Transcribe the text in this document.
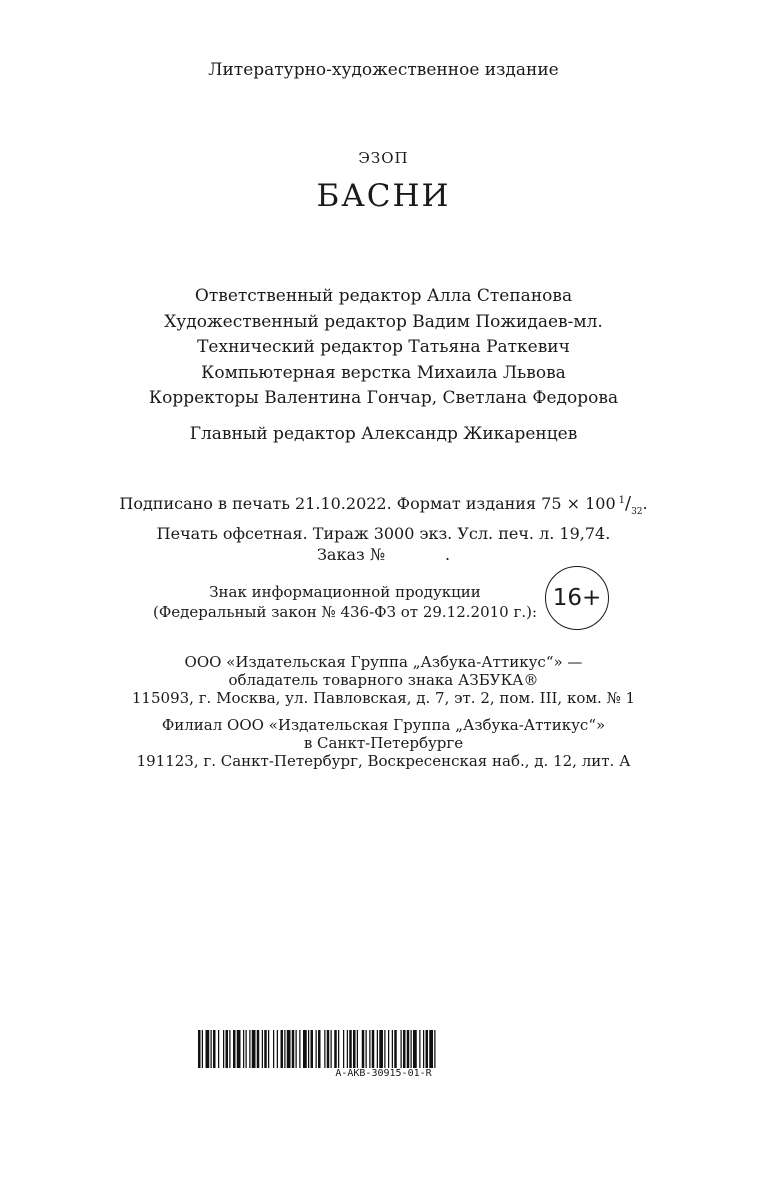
Литературно-художественное издание
ЭЗОП
БАСНИ
Ответственный редактор Алла Степанова
Художественный редактор Вадим Пожидаев-мл.
Технический редактор Татьяна Раткевич
Компьютерная верстка Михаила Львова
Корректоры Валентина Гончар, Светлана Федорова
Главный редактор Александр Жикаренцев
Подписано в печать 21.10.2022. Формат издания 75 × 100 $^1/_{32}$.
Печать офсетная. Тираж 3000 экз. Усл. печ. л. 19,74.
Заказ №	.
Знак информационной продукции
(Федеральный закон № 436-ФЗ от 29.12.2010 г.):
16+
ООО «Издательская Группа „Азбука-Аттикус“» —
обладатель товарного знака АЗБУКА®
115093, г. Москва, ул. Павловская, д. 7, эт. 2, пом. III, ком. № 1
Филиал ООО «Издательская Группа „Азбука-Аттикус“»
в Санкт-Петербурге
191123, г. Санкт-Петербург, Воскресенская наб., д. 12, лит. А
A-AKB-30915-01-R
